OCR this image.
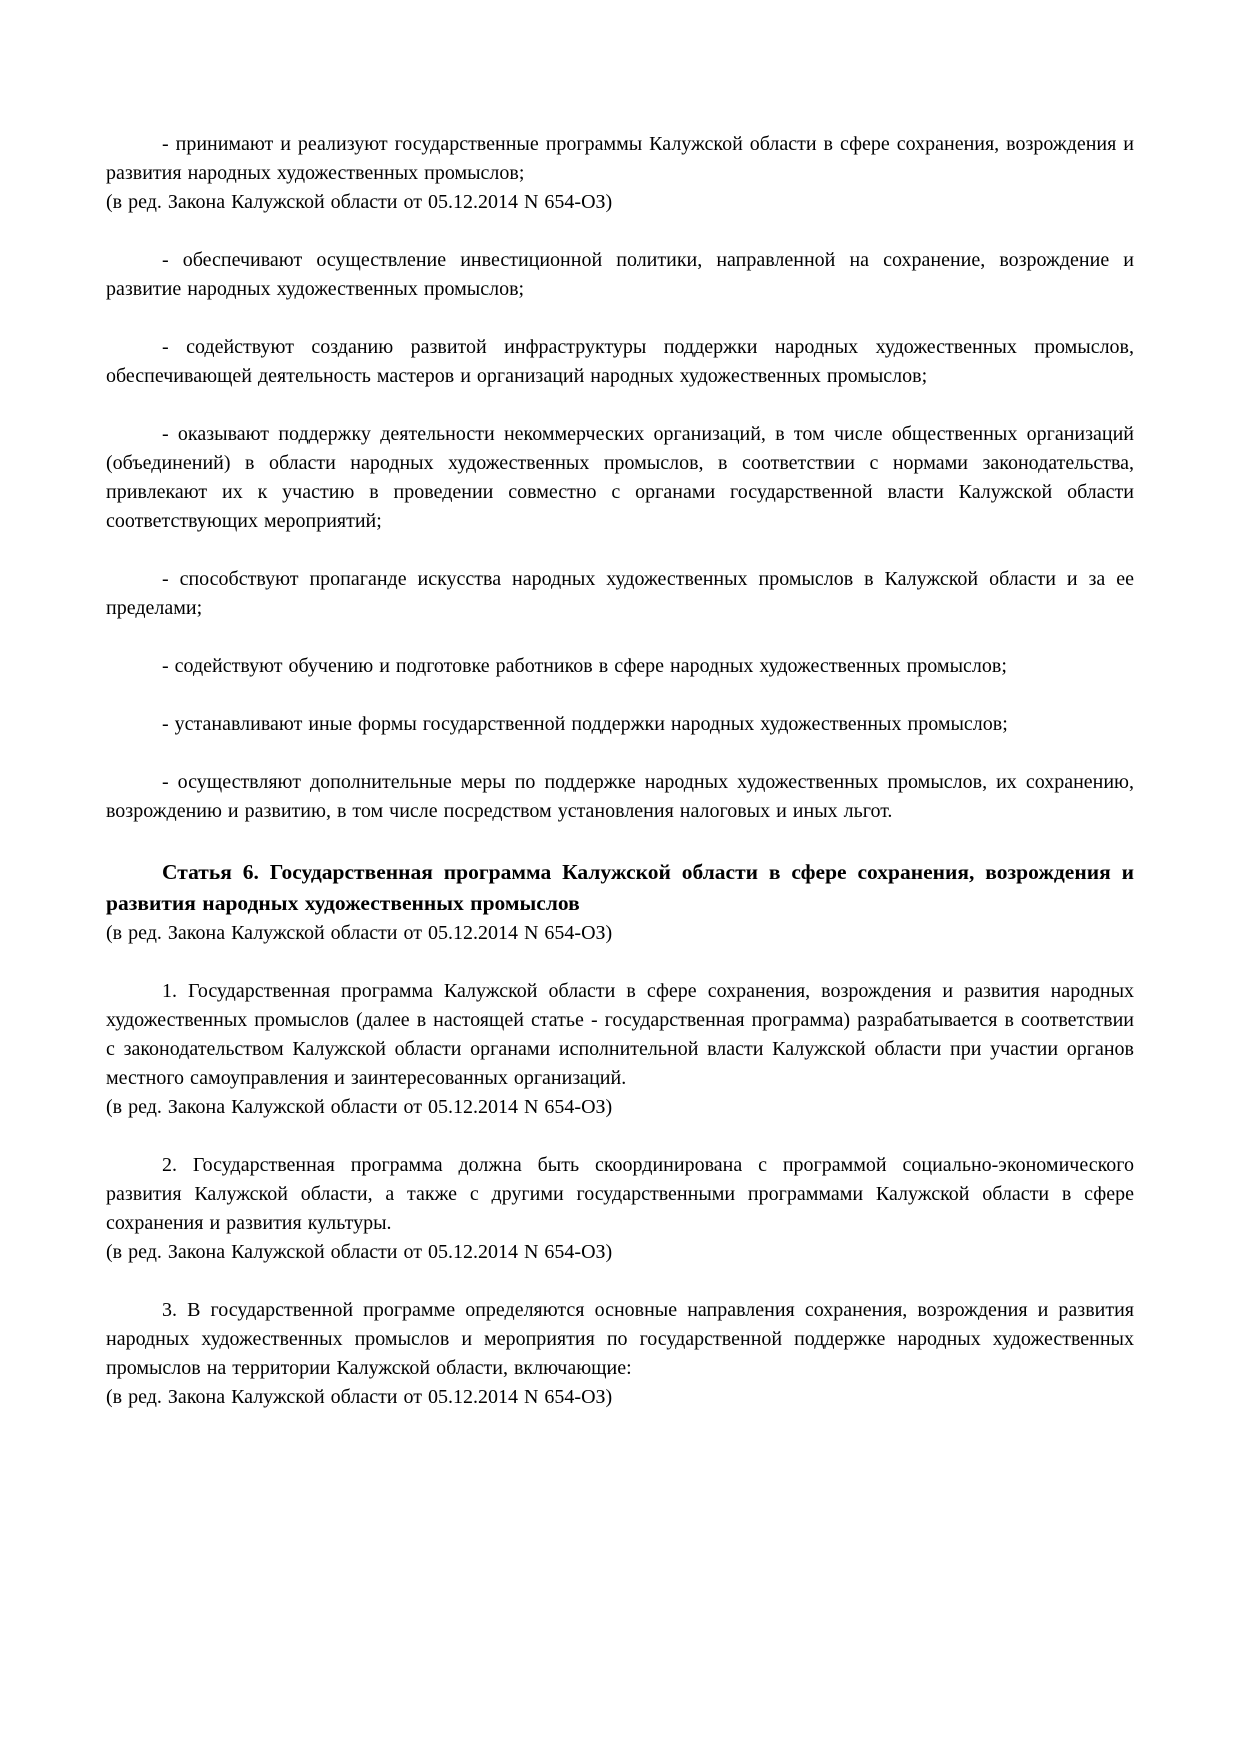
- принимают и реализуют государственные программы Калужской области в сфере сохранения, возрождения и развития народных художественных промыслов;

(в ред. Закона Калужской области от 05.12.2014 N 654-ОЗ)

- обеспечивают осуществление инвестиционной политики, направленной на сохранение, возрождение и развитие народных художественных промыслов;

- содействуют созданию развитой инфраструктуры поддержки народных художественных промыслов, обеспечивающей деятельность мастеров и организаций народных художественных промыслов;

- оказывают поддержку деятельности некоммерческих организаций, в том числе общественных организаций (объединений) в области народных художественных промыслов, в соответствии с нормами законодательства, привлекают их к участию в проведении совместно с органами государственной власти Калужской области соответствующих мероприятий;

- способствуют пропаганде искусства народных художественных промыслов в Калужской области и за ее пределами;

- содействуют обучению и подготовке работников в сфере народных художественных промыслов;

- устанавливают иные формы государственной поддержки народных художественных промыслов;

- осуществляют дополнительные меры по поддержке народных художественных промыслов, их сохранению, возрождению и развитию, в том числе посредством установления налоговых и иных льгот.

Статья 6. Государственная программа Калужской области в сфере сохранения, возрождения и развития народных художественных промыслов

(в ред. Закона Калужской области от 05.12.2014 N 654-ОЗ)

1. Государственная программа Калужской области в сфере сохранения, возрождения и развития народных художественных промыслов (далее в настоящей статье - государственная программа) разрабатывается в соответствии с законодательством Калужской области органами исполнительной власти Калужской области при участии органов местного самоуправления и заинтересованных организаций.

(в ред. Закона Калужской области от 05.12.2014 N 654-ОЗ)

2. Государственная программа должна быть скоординирована с программой социально-экономического развития Калужской области, а также с другими государственными программами Калужской области в сфере сохранения и развития культуры.

(в ред. Закона Калужской области от 05.12.2014 N 654-ОЗ)

3. В государственной программе определяются основные направления сохранения, возрождения и развития народных художественных промыслов и мероприятия по государственной поддержке народных художественных промыслов на территории Калужской области, включающие:

(в ред. Закона Калужской области от 05.12.2014 N 654-ОЗ)
